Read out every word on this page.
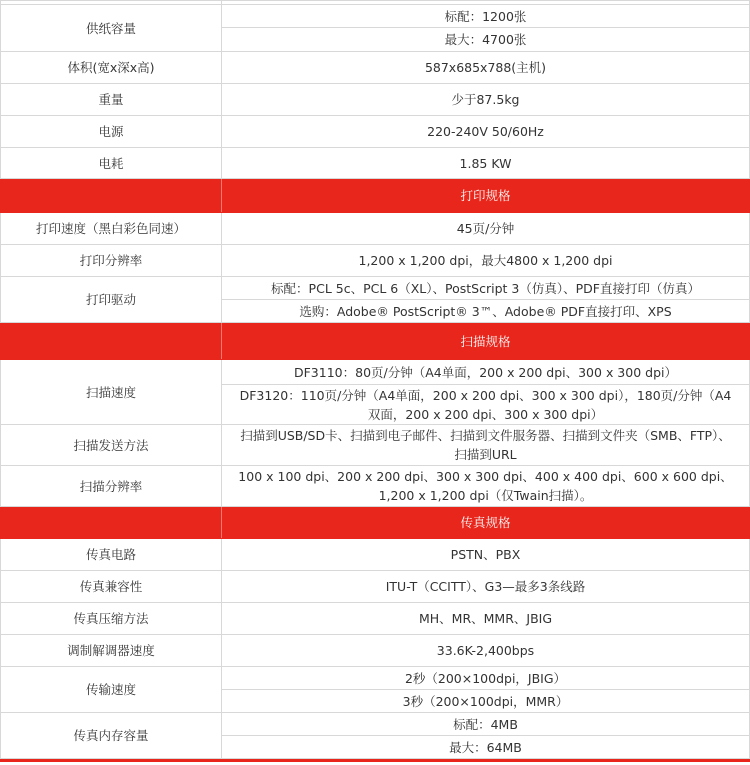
供纸容量	标配：1200张
	最大：4700张
体积(宽x深x高)	587x685x788(主机)
重量	少于87.5kg
电源	220-240V 50/60Hz
电耗	1.85 KW
	打印规格
打印速度（黑白彩色同速）	45页/分钟
打印分辨率	1,200 x 1,200 dpi，最大4800 x 1,200 dpi
打印驱动	标配：PCL 5c、PCL 6（XL）、PostScript 3（仿真）、PDF直接打印（仿真）
	选购：Adobe® PostScript® 3™、Adobe® PDF直接打印、XPS
	扫描规格
扫描速度	DF3110：80页/分钟（A4单面，200 x 200 dpi、300 x 300 dpi）
	DF3120：110页/分钟（A4单面，200 x 200 dpi、300 x 300 dpi），180页/分钟（A4双面，200 x 200 dpi、300 x 300 dpi）
扫描发送方法	扫描到USB/SD卡、扫描到电子邮件、扫描到文件服务器、扫描到文件夹（SMB、FTP）、扫描到URL
扫描分辨率	100 x 100 dpi、200 x 200 dpi、300 x 300 dpi、400 x 400 dpi、600 x 600 dpi、1,200 x 1,200 dpi（仅Twain扫描）。
	传真规格
传真电路	PSTN、PBX
传真兼容性	ITU-T（CCITT）、G3—最多3条线路
传真压缩方法	MH、MR、MMR、JBIG
调制解调器速度	33.6K-2,400bps
传输速度	2秒（200×100dpi，JBIG）
	3秒（200×100dpi，MMR）
传真内存容量	标配：4MB
	最大：64MB
